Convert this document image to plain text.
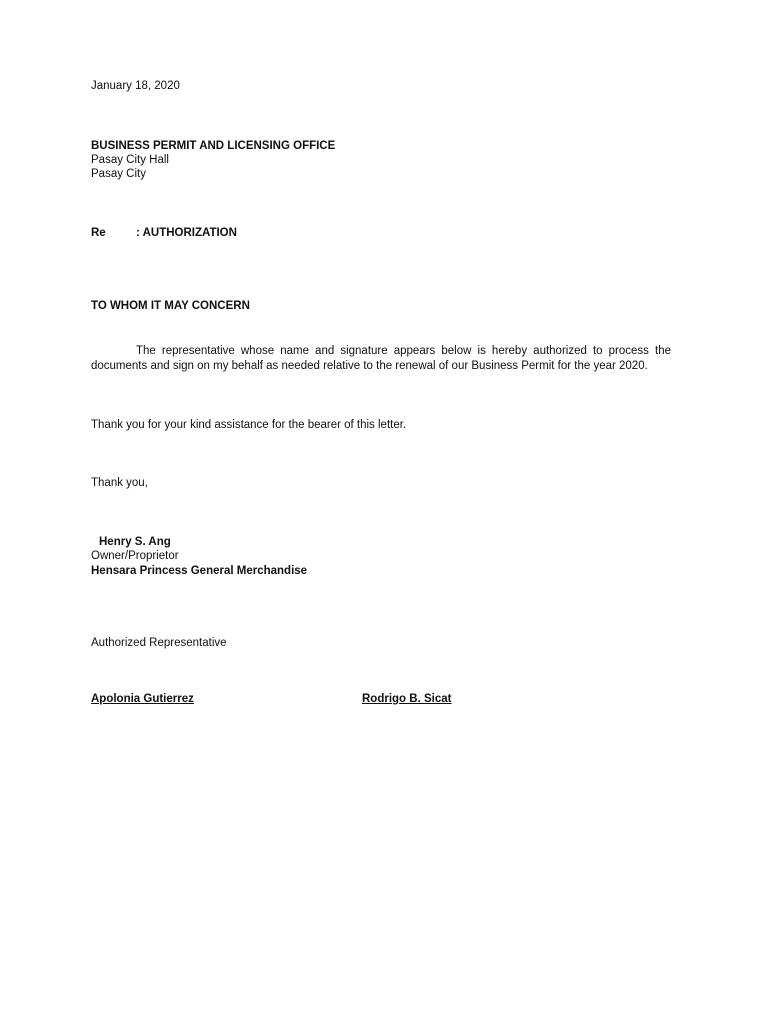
January 18, 2020
BUSINESS PERMIT AND LICENSING OFFICE
Pasay City Hall
Pasay City
Re	: AUTHORIZATION
TO WHOM IT MAY CONCERN
The representative whose name and signature appears below is hereby authorized to process the documents and sign on my behalf as needed relative to the renewal of our Business Permit for the year 2020.
Thank you for your kind assistance for the bearer of this letter.
Thank you,
Henry S. Ang
Owner/Proprietor
Hensara Princess General Merchandise
Authorized Representative
Apolonia Gutierrez	Rodrigo B. Sicat
